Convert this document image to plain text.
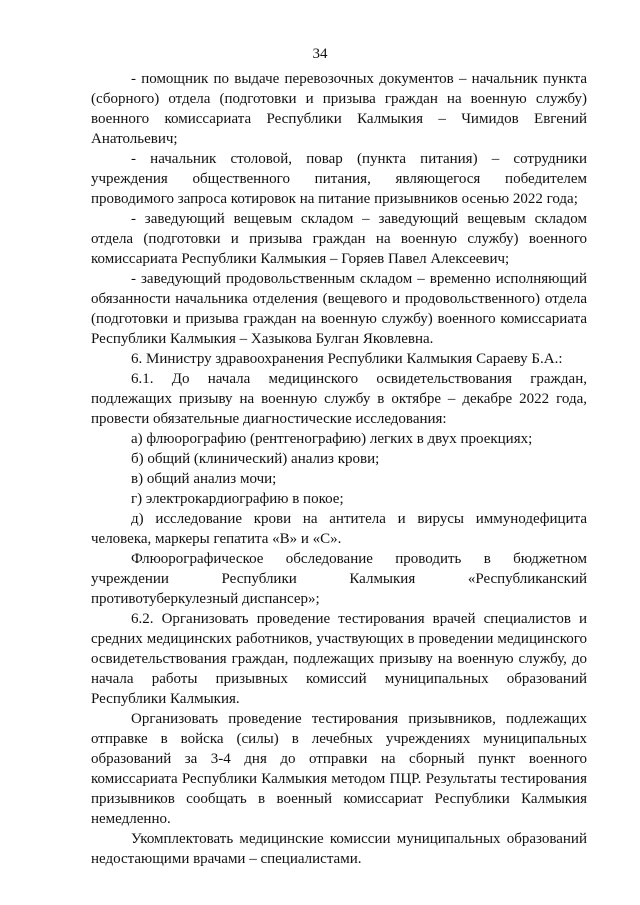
34

- помощник по выдаче перевозочных документов – начальник пункта (сборного) отдела (подготовки и призыва граждан на военную службу) военного комиссариата Республики Калмыкия – Чимидов Евгений Анатольевич;

- начальник столовой, повар (пункта питания) – сотрудники учреждения общественного питания, являющегося победителем проводимого запроса котировок на питание призывников осенью 2022 года;

- заведующий вещевым складом – заведующий вещевым складом отдела (подготовки и призыва граждан на военную службу) военного комиссариата Республики Калмыкия – Горяев Павел Алексеевич;

- заведующий продовольственным складом – временно исполняющий обязанности начальника отделения (вещевого и продовольственного) отдела (подготовки и призыва граждан на военную службу) военного комиссариата Республики Калмыкия – Хазыкова Булган Яковлевна.

6. Министру здравоохранения Республики Калмыкия Сараеву Б.А.:

6.1. До начала медицинского освидетельствования граждан, подлежащих призыву на военную службу в октябре – декабре 2022 года, провести обязательные диагностические исследования:

а) флюорографию (рентгенографию) легких в двух проекциях;

б) общий (клинический) анализ крови;

в) общий анализ мочи;

г) электрокардиографию в покое;

д) исследование крови на антитела и вирусы иммунодефицита человека, маркеры гепатита «В» и «С».

Флюорографическое обследование проводить в бюджетном учреждении Республики Калмыкия «Республиканский противотуберкулезный диспансер»;

6.2. Организовать проведение тестирования врачей специалистов и средних медицинских работников, участвующих в проведении медицинского освидетельствования граждан, подлежащих призыву на военную службу, до начала работы призывных комиссий муниципальных образований Республики Калмыкия.

Организовать проведение тестирования призывников, подлежащих отправке в войска (силы) в лечебных учреждениях муниципальных образований за 3-4 дня до отправки на сборный пункт военного комиссариата Республики Калмыкия методом ПЦР. Результаты тестирования призывников сообщать в военный комиссариат Республики Калмыкия немедленно.

Укомплектовать медицинские комиссии муниципальных образований недостающими врачами – специалистами.
